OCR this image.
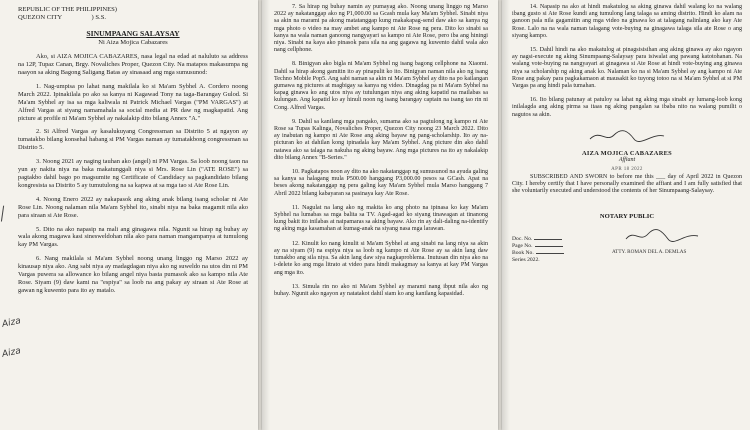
REPUBLIC OF THE PHILIPPINES)

QUEZON CITY	) S.S.

SINUMPAANG SALAYSAY

Ni Aiza Mojica Cabazares

Ako, si AIZA MOJICA CABAZARES, nasa legal na edad at naluluto sa address na 12P, Tupaz Canan, Brgy. Novaliches Proper, Quezon City. Na matapos makasumpa ng naayon sa aking Bagong Saligang Batas ay sinasaad ang mga sumusunod:

1. Nag-umpisa po lahat nang makilala ko si Ma'am Sybhel A. Cordero noong March 2022. Ipinakilala po ako sa kanya ni Kagawad Tony na taga-Barangay Gulod. Si Ma'am Sybhel ay isa sa mga kaliwala ni Patrick Michael Vargas ("PM VARGAS") at Alfred Vargas at siyang namamahala sa social media at PR daw ng magkapatid. Ang picture at profile ni Ma'am Sybhel ay nakalakip dito bilang Annex "A."

2. Si Alfred Vargas ay kasalukuyang Congressman sa Distrito 5 at ngayon ay tumatakbo bilang konsehal habang si PM Vargas naman ay tumatakbong congressman sa Distrito 5.

3. Noong 2021 ay naging tauhan ako (angel) ni PM Vargas. Sa loob noong taon na yun ay nakita niya na baka makatunggali niya si Mrs. Rose Lin ("ATE ROSE") sa pagtakbo dahil bago po magsumite ng Certificate of Candidacy sa pagkandidato bilang kongresista sa Distrito 5 ay tumutulong na sa kapwa at sa mga tao si Ate Rose Lin.

4. Noong Enero 2022 ay nakapasok ang aking anak bilang isang scholar ni Ate Rose Lin. Noong nalaman nila Ma'am Sybhel ito, sinabi niya na baka magamit nila ako para siraan si Ate Rose.

5. Dito na ako napasip na mali ang ginagawa nila. Ngunit sa hirap ng buhay ay wala akong magawa kasi sinesweldohan nila ako para naman mangampanya at tumulong kay PM Vargas.

6. Nang makilala si Ma'am Sybhel noong unang linggo ng Marso 2022 ay kinausap niya ako. Ang sabi niya ay madagdagan niya ako ng suweldo na utos din ni PM Vargas puwera sa allowance ko bilang angel niya basta pumasok ako sa kampo nila Ate Rose. Siyam (9) daw kami na "espiya" sa loob na ang pakay ay siraan si Ate Rose at gawan ng kuwento para ito ay matalo.

Aiza
Aiza

7. Sa hirap ng buhay namin ay pumayag ako. Noong unang linggo ng Marso 2022 ay nakatanggap ako ng P1,000.00 sa Gcash mula kay Ma'am Sybhel. Sinabi niya sa akin na marami pa akong matatanggap kung makakapag-send daw ako sa kanya ng mga photo o video na may ambet ang kampo ni Ate Rose ng pera. Dito ko sinabi sa kanya na wala naman ganoong nangyayari sa kampo ni Ate Rose, pero iba ang hiningi niya. Sinabi na kaya ako pinasok para sila na ang gagawa ng kuwento dahil wala ako nang cellphone.

8. Binigyan ako bigla ni Ma'am Sybhel ng isang bagong cellphone na Xiaomi. Dahil sa hirap akong gamitin ito ay pinapulit ko ito. Binigyan naman nila ako ng isang Techno Mobile Pop5. Ang sabi naman sa akin ni Ma'am Sybhel ay dito na po kailangan gumawa ng pictures at magbigay sa kanya ng video. Dinagdag pa ni Ma'am Sybhel na kapag ginawa ko ang utos niya ay tutulungan niya ang aking kapatid na mailabas sa kulungan. Ang kapatid ko ay hinuli noon ng isang barangay captain na isang tao rin ni Cong. Alfred Vargas.

9. Dahil sa kanilang mga pangako, sumama ako sa pagtulong ng kampo ni Ate Rose sa Tupas Kalinga, Novaliches Proper, Quezon City noong 23 March 2022. Dito ay inabutan ng kampo ni Ate Rose ang aking bayaw ng pang-scholarship. Ito ay na-picturan ko at dahilan kong ipinadala kay Ma'am Sybhel. Ang picture din ako dahil natawa ako sa talaga na nakuha ng aking bayaw. Ang mga pictures na ito ay nakalakip dito bilang Annex "B-Series."

10. Pagkatapos noon ay dito na ako nakatanggap ng sumusunod na ayuda galing sa kanya sa halagang mula P500.00 hanggang P3,000.00 pesos sa GCash. Apat na beses akong nakatanggap ng pera galing kay Ma'am Sybhel mula Marso hanggang 7 Abril 2022 bilang kabayaran sa pasinaya kay Ate Rose.

11. Nagulat na lang ako ng makita ko ang photo na ipinasa ko kay Ma'am Sybhel na lumabas sa mga balita sa TV. Agad-agad ko siyang tinawagan at tinanong kung bakit ito inilabas at naipamaras sa aking bayaw. Ako rin ay dali-daling na-identify ng aking mga kasamahan at kumag-anak na siyang nasa mga larawan.

12. Kinulit ko nang kinulit si Ma'am Sybhel at ang sinabi na lang niya sa akin ay na siyam (9) na espiya niya sa loob ng kampo ni Ate Rose ay sa akin lang daw tumakbo ang sila niya. Sa akin lang daw siya nagkaproblema. Inutusan din niya ako na i-delete ko ang mga litrato at video para hindi makagmay sa kanya at kay PM Vargas ang mga ito.

13. Simula rin no ako ni Ma'am Sybhel ay marami nang ibput nila ako ng buhay. Ngunit ako ngayon ay natatakot dahil siam ko ang kanilang kapasidad.

14. Napasip na ako at hindi makatulog sa aking ginawa dahil walang ko na walang ibang gusto si Ate Rose kundi ang tumulong lang talaga sa aming distrito. Hindi ko alam na ganoon pala nila gagamitin ang mga video na ginawa ko at talagang nalinlang ako kay Ate Rose. Lalo na na wala naman talagang vote-buying na ginagawa talaga sila ate Rose o ang siyang kampo.

15. Dahil hindi na ako makatulog at pinagsisisihan ang aking ginawa ay ako ngayon ay nagsi-execute ng aking Sinumpaang-Salaysay para isiwalat ang pawang katotohanan. Na walang vote-buying na nangyayari at ginagawa si Ate Rose at hindi vote-buying ang ginawa niya sa scholarship ng aking anak ko. Nalaman ko na si Ma'am Sybhel ay ang kampo ni Ate Rose ang pakay para pagkakamaon at mausakit ko tuyong totoo na si Ma'am Sybhel at si PM Vargas pa ang hindi pala tumahan.

16. Ito bilang patunay at patuloy sa lahat ng aking mga sinabi ay lumang-loob kong inilalagda ang aking pirma sa itaas ng aking pangalan sa ibaba nito na walang pumilit o nagutos sa akin.

AIZA MOJICA CABAZARES
Affiant
APR 18 2022

SUBSCRIBED AND SWORN to before me this ___ day of April 2022 in Quezon City. I hereby certify that I have personally examined the affiant and I am fully satisfied that she voluntarily executed and understood the contents of her Sinumpaang-Salaysay.

NOTARY PUBLIC
ATTY. ROMAN DEL A. DEMLAS
Doc. No.
Page No.
Book No.
Series 2022.
